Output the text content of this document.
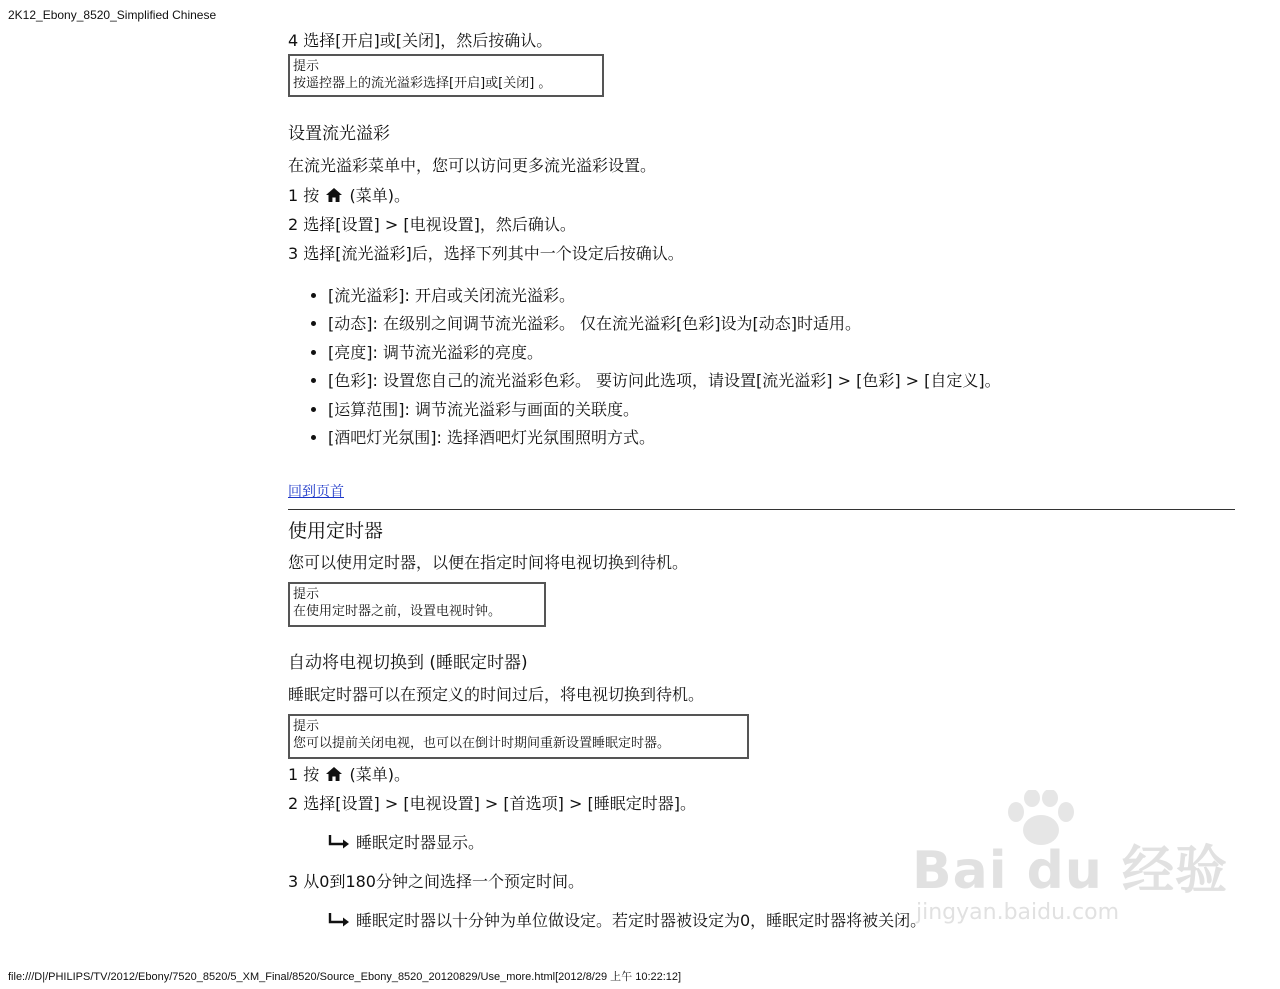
2K12_Ebony_8520_Simplified Chinese
file:///D|/PHILIPS/TV/2012/Ebony/7520_8520/5_XM_Final/8520/Source_Ebony_8520_20120829/Use_more.html[2012/8/29 上午 10:22:12]
4 选择[开启]或[关闭]，然后按确认。
提示
按遥控器上的流光溢彩选择[开启]或[关闭] 。
设置流光溢彩
在流光溢彩菜单中，您可以访问更多流光溢彩设置。
1 按 (菜单)。
2 选择[设置] > [电视设置]，然后确认。
3 选择[流光溢彩]后，选择下列其中一个设定后按确认。
• [流光溢彩]: 开启或关闭流光溢彩。
• [动态]: 在级别之间调节流光溢彩。 仅在流光溢彩[色彩]设为[动态]时适用。
• [亮度]: 调节流光溢彩的亮度。
• [色彩]: 设置您自己的流光溢彩色彩。 要访问此选项，请设置[流光溢彩] > [色彩] > [自定义]。
• [运算范围]: 调节流光溢彩与画面的关联度。
• [酒吧灯光氛围]: 选择酒吧灯光氛围照明方式。
回到页首
使用定时器
您可以使用定时器，以便在指定时间将电视切换到待机。
提示
在使用定时器之前，设置电视时钟。
自动将电视切换到 (睡眠定时器)
睡眠定时器可以在预定义的时间过后，将电视切换到待机。
提示
您可以提前关闭电视，也可以在倒计时期间重新设置睡眠定时器。
1 按 (菜单)。
2 选择[设置] > [电视设置] > [首选项] > [睡眠定时器]。
睡眠定时器显示。
3 从0到180分钟之间选择一个预定时间。
睡眠定时器以十分钟为单位做设定。若定时器被设定为0，睡眠定时器将被关闭。
Bai du 经验
jingyan.baidu.com
